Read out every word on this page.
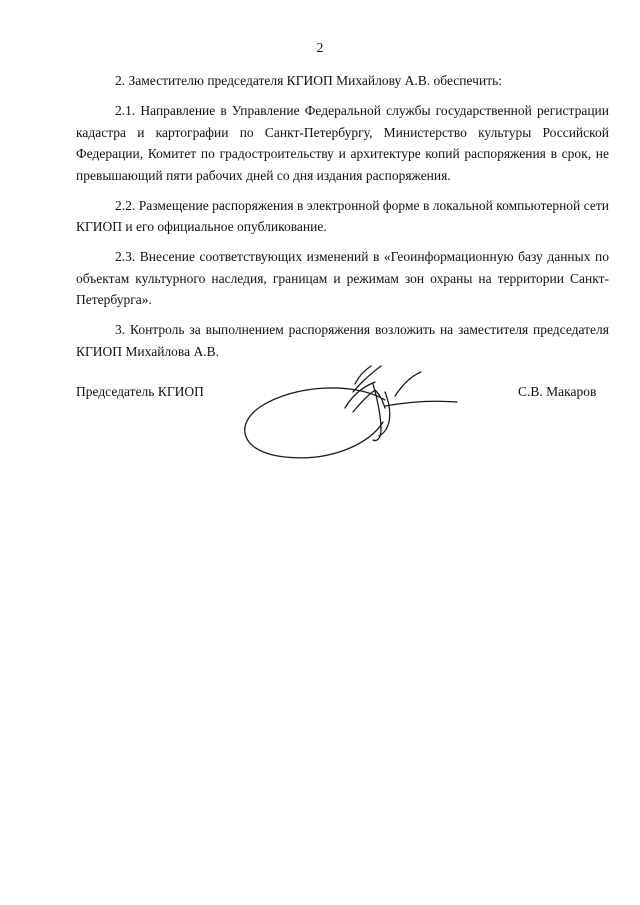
2

2. Заместителю председателя КГИОП Михайлову А.В. обеспечить:

2.1. Направление в Управление Федеральной службы государственной регистрации кадастра и картографии по Санкт-Петербургу, Министерство культуры Российской Федерации, Комитет по градостроительству и архитектуре копий распоряжения в срок, не превышающий пяти рабочих дней со дня издания распоряжения.

2.2. Размещение распоряжения в электронной форме в локальной компьютерной сети КГИОП и его официальное опубликование.

2.3. Внесение соответствующих изменений в «Геоинформационную базу данных по объектам культурного наследия, границам и режимам зон охраны на территории Санкт-Петербурга».

3. Контроль за выполнением распоряжения возложить на заместителя председателя КГИОП Михайлова А.В.

Председатель КГИОП	С.В. Макаров
